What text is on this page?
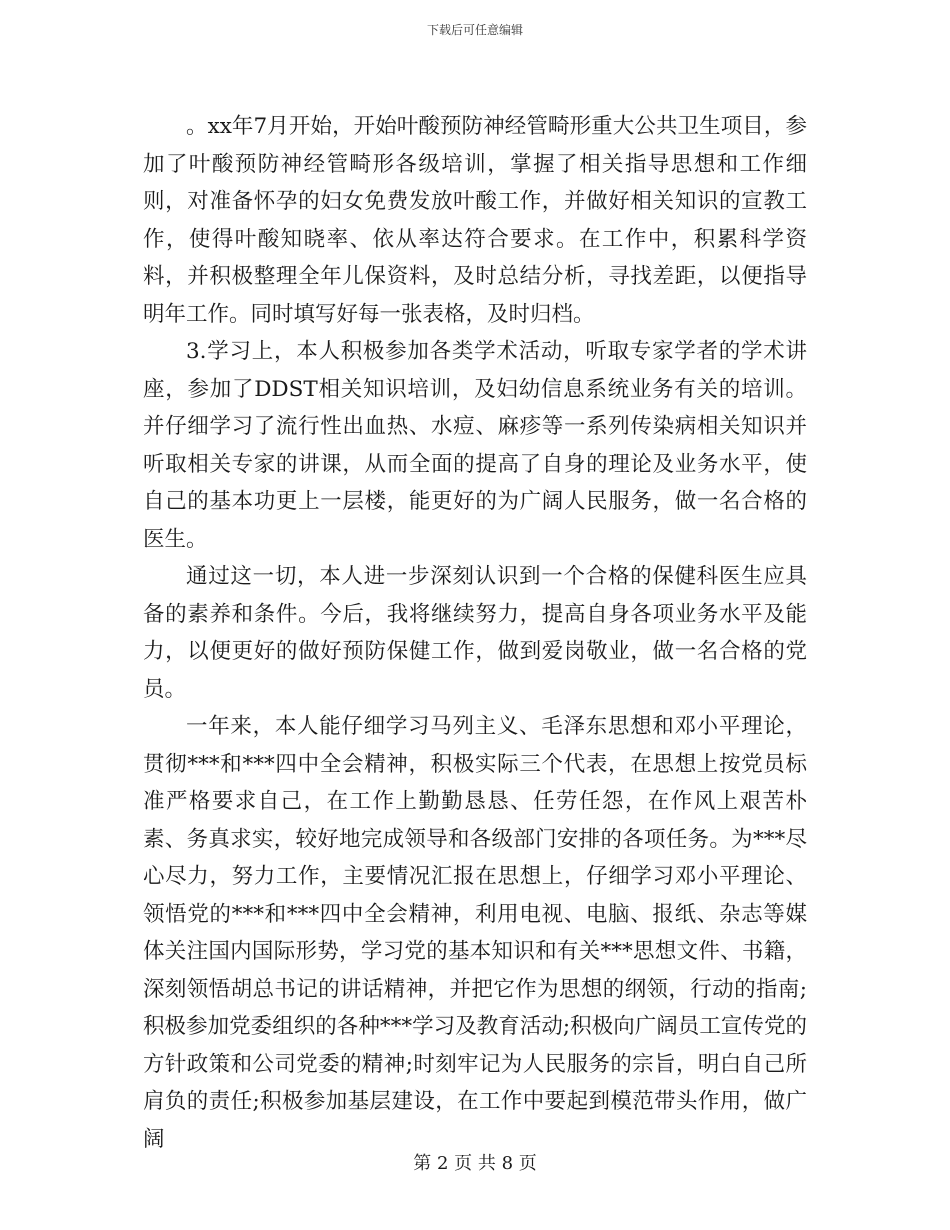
下载后可任意编辑

。xx年7月开始，开始叶酸预防神经管畸形重大公共卫生项目，参加了叶酸预防神经管畸形各级培训，掌握了相关指导思想和工作细则，对准备怀孕的妇女免费发放叶酸工作，并做好相关知识的宣教工作，使得叶酸知晓率、依从率达符合要求。在工作中，积累科学资料，并积极整理全年儿保资料，及时总结分析，寻找差距，以便指导明年工作。同时填写好每一张表格，及时归档。

3.学习上，本人积极参加各类学术活动，听取专家学者的学术讲座，参加了DDST相关知识培训，及妇幼信息系统业务有关的培训。并仔细学习了流行性出血热、水痘、麻疹等一系列传染病相关知识并听取相关专家的讲课，从而全面的提高了自身的理论及业务水平，使自己的基本功更上一层楼，能更好的为广阔人民服务，做一名合格的医生。

通过这一切，本人进一步深刻认识到一个合格的保健科医生应具备的素养和条件。今后，我将继续努力，提高自身各项业务水平及能力，以便更好的做好预防保健工作，做到爱岗敬业，做一名合格的党员。

一年来，本人能仔细学习马列主义、毛泽东思想和邓小平理论，贯彻***和***四中全会精神，积极实际三个代表，在思想上按党员标准严格要求自己，在工作上勤勤恳恳、任劳任怨，在作风上艰苦朴素、务真求实，较好地完成领导和各级部门安排的各项任务。为***尽心尽力，努力工作，主要情况汇报在思想上，仔细学习邓小平理论、领悟党的***和***四中全会精神，利用电视、电脑、报纸、杂志等媒体关注国内国际形势，学习党的基本知识和有关***思想文件、书籍，深刻领悟胡总书记的讲话精神，并把它作为思想的纲领，行动的指南;积极参加党委组织的各种***学习及教育活动;积极向广阔员工宣传党的方针政策和公司党委的精神;时刻牢记为人民服务的宗旨，明白自己所肩负的责任;积极参加基层建设，在工作中要起到模范带头作用，做广阔

第 2 页 共 8 页
